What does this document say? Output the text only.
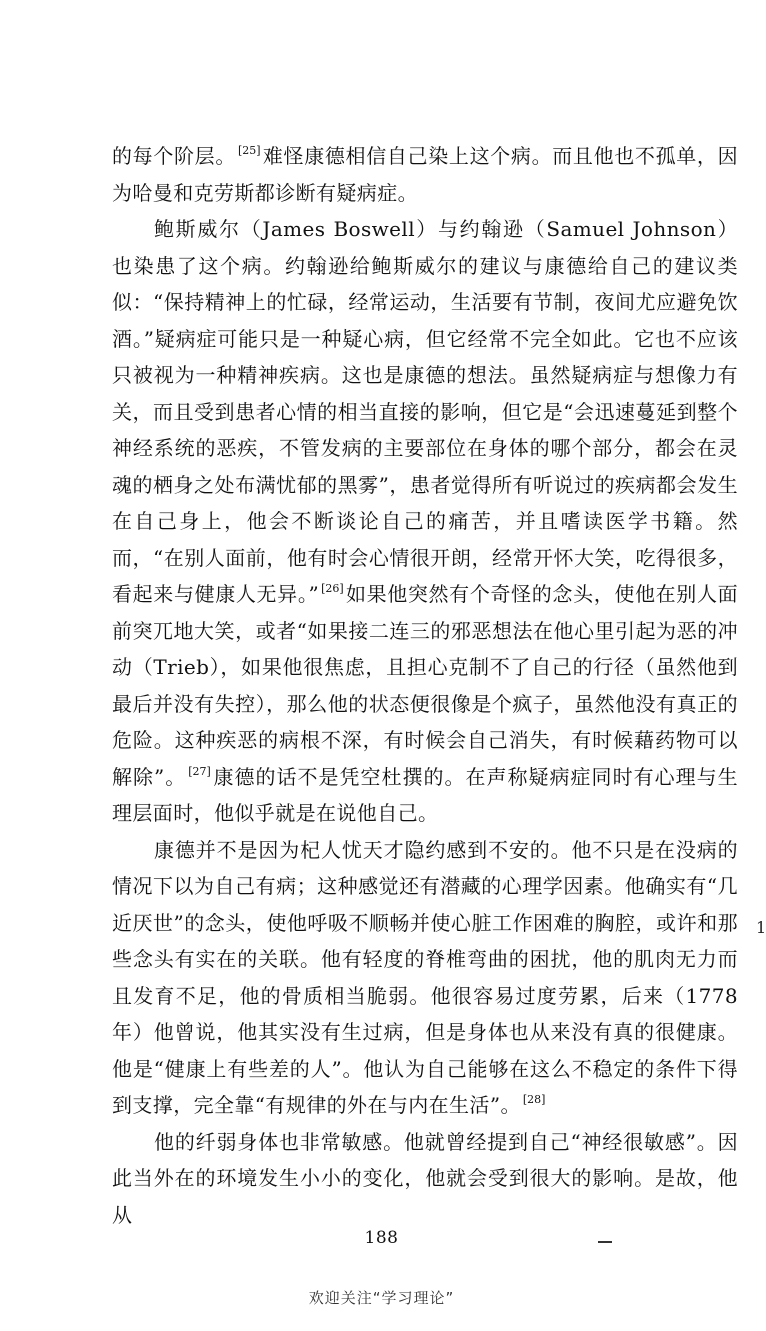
的每个阶层。 [25] 难怪康德相信自己染上这个病。而且他也不孤单，因为哈曼和克劳斯都诊断有疑病症。

鲍斯威尔（James Boswell）与约翰逊（Samuel Johnson）也染患了这个病。约翰逊给鲍斯威尔的建议与康德给自己的建议类似：“保持精神上的忙碌，经常运动，生活要有节制，夜间尤应避免饮酒。”疑病症可能只是一种疑心病，但它经常不完全如此。它也不应该只被视为一种精神疾病。这也是康德的想法。虽然疑病症与想像力有关，而且受到患者心情的相当直接的影响，但它是“会迅速蔓延到整个神经系统的恶疾，不管发病的主要部位在身体的哪个部分，都会在灵魂的栖身之处布满忧郁的黑雾”，患者觉得所有听说过的疾病都会发生在自己身上，他会不断谈论自己的痛苦，并且嗜读医学书籍。然而，“在别人面前，他有时会心情很开朗，经常开怀大笑，吃得很多，看起来与健康人无异。” [26] 如果他突然有个奇怪的念头，使他在别人面前突兀地大笑，或者“如果接二连三的邪恶想法在他心里引起为恶的冲动（Trieb），如果他很焦虑，且担心克制不了自己的行径（虽然他到最后并没有失控），那么他的状态便很像是个疯子，虽然他没有真正的危险。这种疾恶的病根不深，有时候会自己消失，有时候藉药物可以解除”。 [27] 康德的话不是凭空杜撰的。在声称疑病症同时有心理与生理层面时，他似乎就是在说他自己。

康德并不是因为杞人忧天才隐约感到不安的。他不只是在没病的情况下以为自己有病；这种感觉还有潜藏的心理学因素。他确实有“几近厌世”的念头，使他呼吸不顺畅并使心脏工作困难的胸腔，或许和那些念头有实在的关联。他有轻度的脊椎弯曲的困扰，他的肌肉无力而且发育不足，他的骨质相当脆弱。他很容易过度劳累，后来（1778 年）他曾说，他其实没有生过病，但是身体也从来没有真的很健康。他是“健康上有些差的人”。他认为自己能够在这么不稳定的条件下得到支撑，完全靠“有规律的外在与内在生活”。 [28]

他的纤弱身体也非常敏感。他就曾经提到自己“神经很敏感”。因此当外在的环境发生小小的变化，他就会受到很大的影响。是故，他从

1
188
欢迎关注“学习理论”
